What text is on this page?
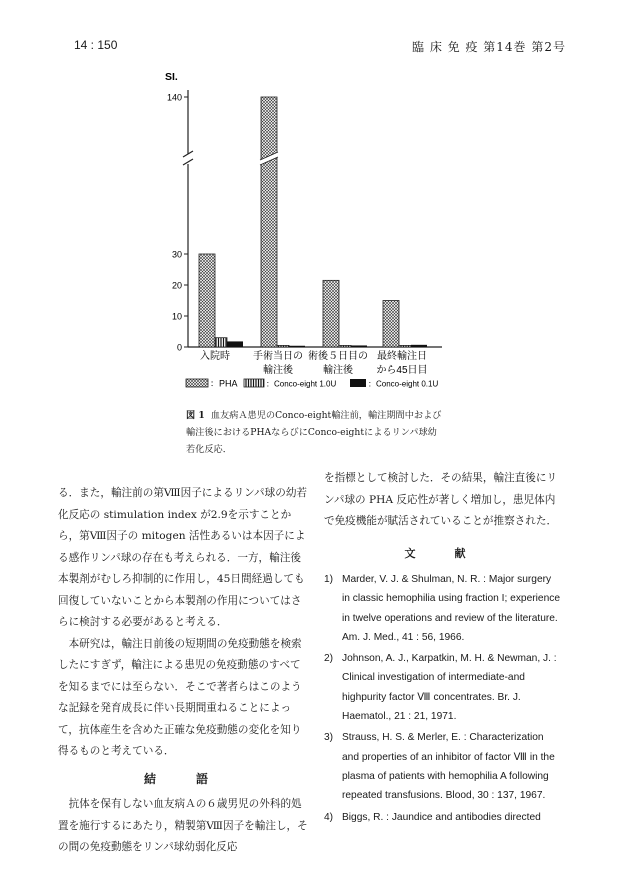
14 : 150	臨 床 免 疫 第14巻 第2号
140
30
20
10
0
SI.
入院時 手術当日の
輸注後
術後５日目の
輸注後
最終輸注日
から45日目
：PHA	：Conco-eight 1.0U	：Conco-eight 0.1U
図 1 血友病Ａ患児のConco-eight輸注前，輸注期間中および輸注後におけるPHAならびにConco-eightによるリンパ球幼若化反応．

る．また，輸注前の第Ⅷ因子によるリンパ球の幼若化反応の stimulation index が2.9を示すことから，第Ⅷ因子の mitogen 活性あるいは本因子による感作リンパ球の存在も考えられる．一方，輸注後本製剤がむしろ抑制的に作用し，45日間経過しても回復していないことから本製剤の作用についてはさらに検討する必要があると考える．

本研究は，輸注日前後の短期間の免疫動態を検索したにすぎず，輸注による患児の免疫動態のすべてを知るまでには至らない．そこで著者らはこのような記録を発育成長に伴い長期間重ねることによって，抗体産生を含めた正確な免疫動態の変化を知り得るものと考えている．

結　語

抗体を保有しない血友病Ａの６歳男児の外科的処置を施行するにあたり，精製第Ⅷ因子を輸注し，その間の免疫動態をリンパ球幼弱化反応

を指標として検討した．その結果，輸注直後にリンパ球の PHA 反応性が著しく増加し，患児体内で免疫機能が賦活されていることが推察された．

文　献
1) Marder, V. J. & Shulman, N. R. : Major surgery in classic hemophilia using fraction I; experience in twelve operations and review of the literature. Am. J. Med., 41 : 56, 1966.
2) Johnson, A. J., Karpatkin, M. H. & Newman, J. : Clinical investigation of intermediate-and highpurity factor Ⅷ concentrates. Br. J. Haematol., 21 : 21, 1971.
3) Strauss, H. S. & Merler, E. : Characterization and properties of an inhibitor of factor Ⅷ in the plasma of patients with hemophilia A following repeated transfusions. Blood, 30 : 137, 1967.
4) Biggs, R. : Jaundice and antibodies directed
